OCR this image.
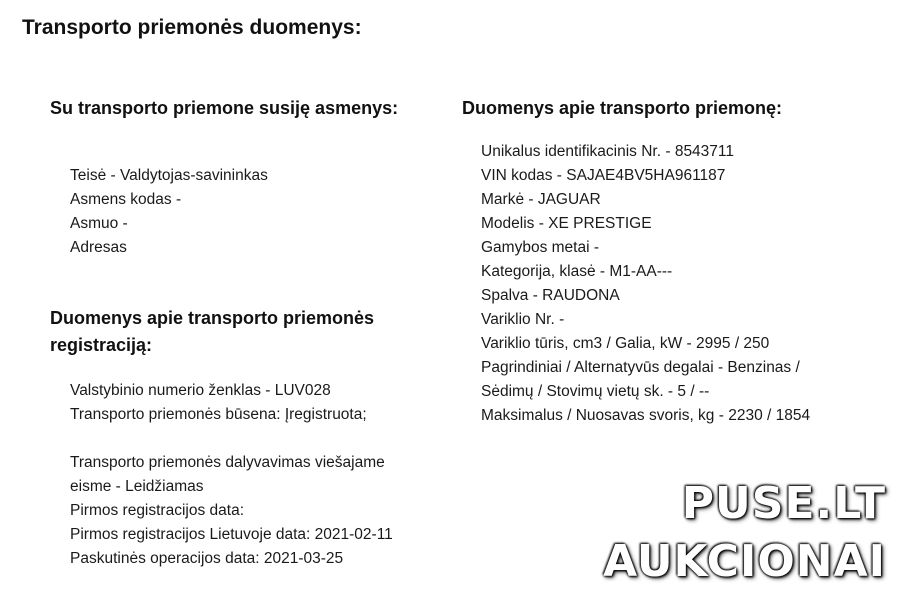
Transporto priemonės duomenys:
Su transporto priemone susiję asmenys:
Teisė - Valdytojas-savininkas
Asmens kodas -
Asmuo -
Adresas
Duomenys apie transporto priemonės
registraciją:
Valstybinio numerio ženklas - LUV028
Transporto priemonės būsena: Įregistruota;
Transporto priemonės dalyvavimas viešajame
eisme - Leidžiamas
Pirmos registracijos data:
Pirmos registracijos Lietuvoje data: 2021-02-11
Paskutinės operacijos data: 2021-03-25
Duomenys apie transporto priemonę:
Unikalus identifikacinis Nr. - 8543711
VIN kodas - SAJAE4BV5HA961187
Markė - JAGUAR
Modelis - XE PRESTIGE
Gamybos metai -
Kategorija, klasė - M1-AA---
Spalva - RAUDONA
Variklio Nr. -
Variklio tūris, cm3 / Galia, kW - 2995 / 250
Pagrindiniai / Alternatyvūs degalai - Benzinas /
Sėdimų / Stovimų vietų sk. - 5 / --
Maksimalus / Nuosavas svoris, kg - 2230 / 1854
PUSE.LT
AUKCIONAI
